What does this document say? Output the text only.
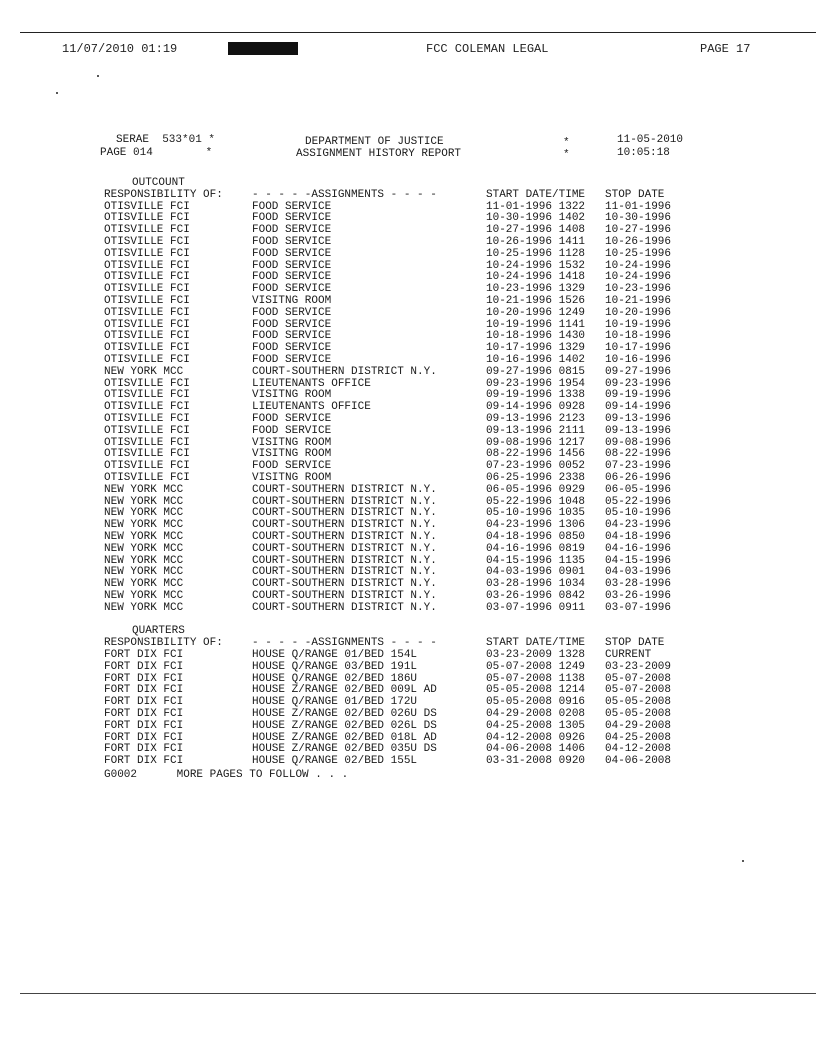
11/07/2010 01:19	FCC COLEMAN LEGAL	PAGE 17
SERAE  533*01 *
PAGE 014        *
DEPARTMENT OF JUSTICE
ASSIGNMENT HISTORY REPORT
*
*
11-05-2010
10:05:18
OUTCOUNT
RESPONSIBILITY OF:	- - - - -ASSIGNMENTS - - - -	START DATE/TIME STOP DATE
OTISVILLE FCI	FOOD SERVICE	11-01-1996 1322 11-01-1996
OTISVILLE FCI	FOOD SERVICE	10-30-1996 1402 10-30-1996
OTISVILLE FCI	FOOD SERVICE	10-27-1996 1408 10-27-1996
OTISVILLE FCI	FOOD SERVICE	10-26-1996 1411 10-26-1996
OTISVILLE FCI	FOOD SERVICE	10-25-1996 1128 10-25-1996
OTISVILLE FCI	FOOD SERVICE	10-24-1996 1532 10-24-1996
OTISVILLE FCI	FOOD SERVICE	10-24-1996 1418 10-24-1996
OTISVILLE FCI	FOOD SERVICE	10-23-1996 1329 10-23-1996
OTISVILLE FCI	VISITNG ROOM	10-21-1996 1526 10-21-1996
OTISVILLE FCI	FOOD SERVICE	10-20-1996 1249 10-20-1996
OTISVILLE FCI	FOOD SERVICE	10-19-1996 1141 10-19-1996
OTISVILLE FCI	FOOD SERVICE	10-18-1996 1430 10-18-1996
OTISVILLE FCI	FOOD SERVICE	10-17-1996 1329 10-17-1996
OTISVILLE FCI	FOOD SERVICE	10-16-1996 1402 10-16-1996
NEW YORK MCC	COURT-SOUTHERN DISTRICT N.Y.	09-27-1996 0815 09-27-1996
OTISVILLE FCI	LIEUTENANTS OFFICE	09-23-1996 1954 09-23-1996
OTISVILLE FCI	VISITNG ROOM	09-19-1996 1338 09-19-1996
OTISVILLE FCI	LIEUTENANTS OFFICE	09-14-1996 0928 09-14-1996
OTISVILLE FCI	FOOD SERVICE	09-13-1996 2123 09-13-1996
OTISVILLE FCI	FOOD SERVICE	09-13-1996 2111 09-13-1996
OTISVILLE FCI	VISITNG ROOM	09-08-1996 1217 09-08-1996
OTISVILLE FCI	VISITNG ROOM	08-22-1996 1456 08-22-1996
OTISVILLE FCI	FOOD SERVICE	07-23-1996 0052 07-23-1996
OTISVILLE FCI	VISITNG ROOM	06-25-1996 2338 06-26-1996
NEW YORK MCC	COURT-SOUTHERN DISTRICT N.Y.	06-05-1996 0929 06-05-1996
NEW YORK MCC	COURT-SOUTHERN DISTRICT N.Y.	05-22-1996 1048 05-22-1996
NEW YORK MCC	COURT-SOUTHERN DISTRICT N.Y.	05-10-1996 1035 05-10-1996
NEW YORK MCC	COURT-SOUTHERN DISTRICT N.Y.	04-23-1996 1306 04-23-1996
NEW YORK MCC	COURT-SOUTHERN DISTRICT N.Y.	04-18-1996 0850 04-18-1996
NEW YORK MCC	COURT-SOUTHERN DISTRICT N.Y.	04-16-1996 0819 04-16-1996
NEW YORK MCC	COURT-SOUTHERN DISTRICT N.Y.	04-15-1996 1135 04-15-1996
NEW YORK MCC	COURT-SOUTHERN DISTRICT N.Y.	04-03-1996 0901 04-03-1996
NEW YORK MCC	COURT-SOUTHERN DISTRICT N.Y.	03-28-1996 1034 03-28-1996
NEW YORK MCC	COURT-SOUTHERN DISTRICT N.Y.	03-26-1996 0842 03-26-1996
NEW YORK MCC	COURT-SOUTHERN DISTRICT N.Y.	03-07-1996 0911 03-07-1996
QUARTERS
RESPONSIBILITY OF:	- - - - -ASSIGNMENTS - - - -	START DATE/TIME STOP DATE
FORT DIX FCI	HOUSE Q/RANGE 01/BED 154L	03-23-2009 1328 CURRENT
FORT DIX FCI	HOUSE Q/RANGE 03/BED 191L	05-07-2008 1249 03-23-2009
FORT DIX FCI	HOUSE Q/RANGE 02/BED 186U	05-07-2008 1138 05-07-2008
FORT DIX FCI	HOUSE Z/RANGE 02/BED 009L AD	05-05-2008 1214 05-07-2008
FORT DIX FCI	HOUSE Q/RANGE 01/BED 172U	05-05-2008 0916 05-05-2008
FORT DIX FCI	HOUSE Z/RANGE 02/BED 026U DS	04-29-2008 0208 05-05-2008
FORT DIX FCI	HOUSE Z/RANGE 02/BED 026L DS	04-25-2008 1305 04-29-2008
FORT DIX FCI	HOUSE Z/RANGE 02/BED 018L AD	04-12-2008 0926 04-25-2008
FORT DIX FCI	HOUSE Z/RANGE 02/BED 035U DS	04-06-2008 1406 04-12-2008
FORT DIX FCI	HOUSE Q/RANGE 02/BED 155L	03-31-2008 0920 04-06-2008
G0002	MORE PAGES TO FOLLOW . . .
